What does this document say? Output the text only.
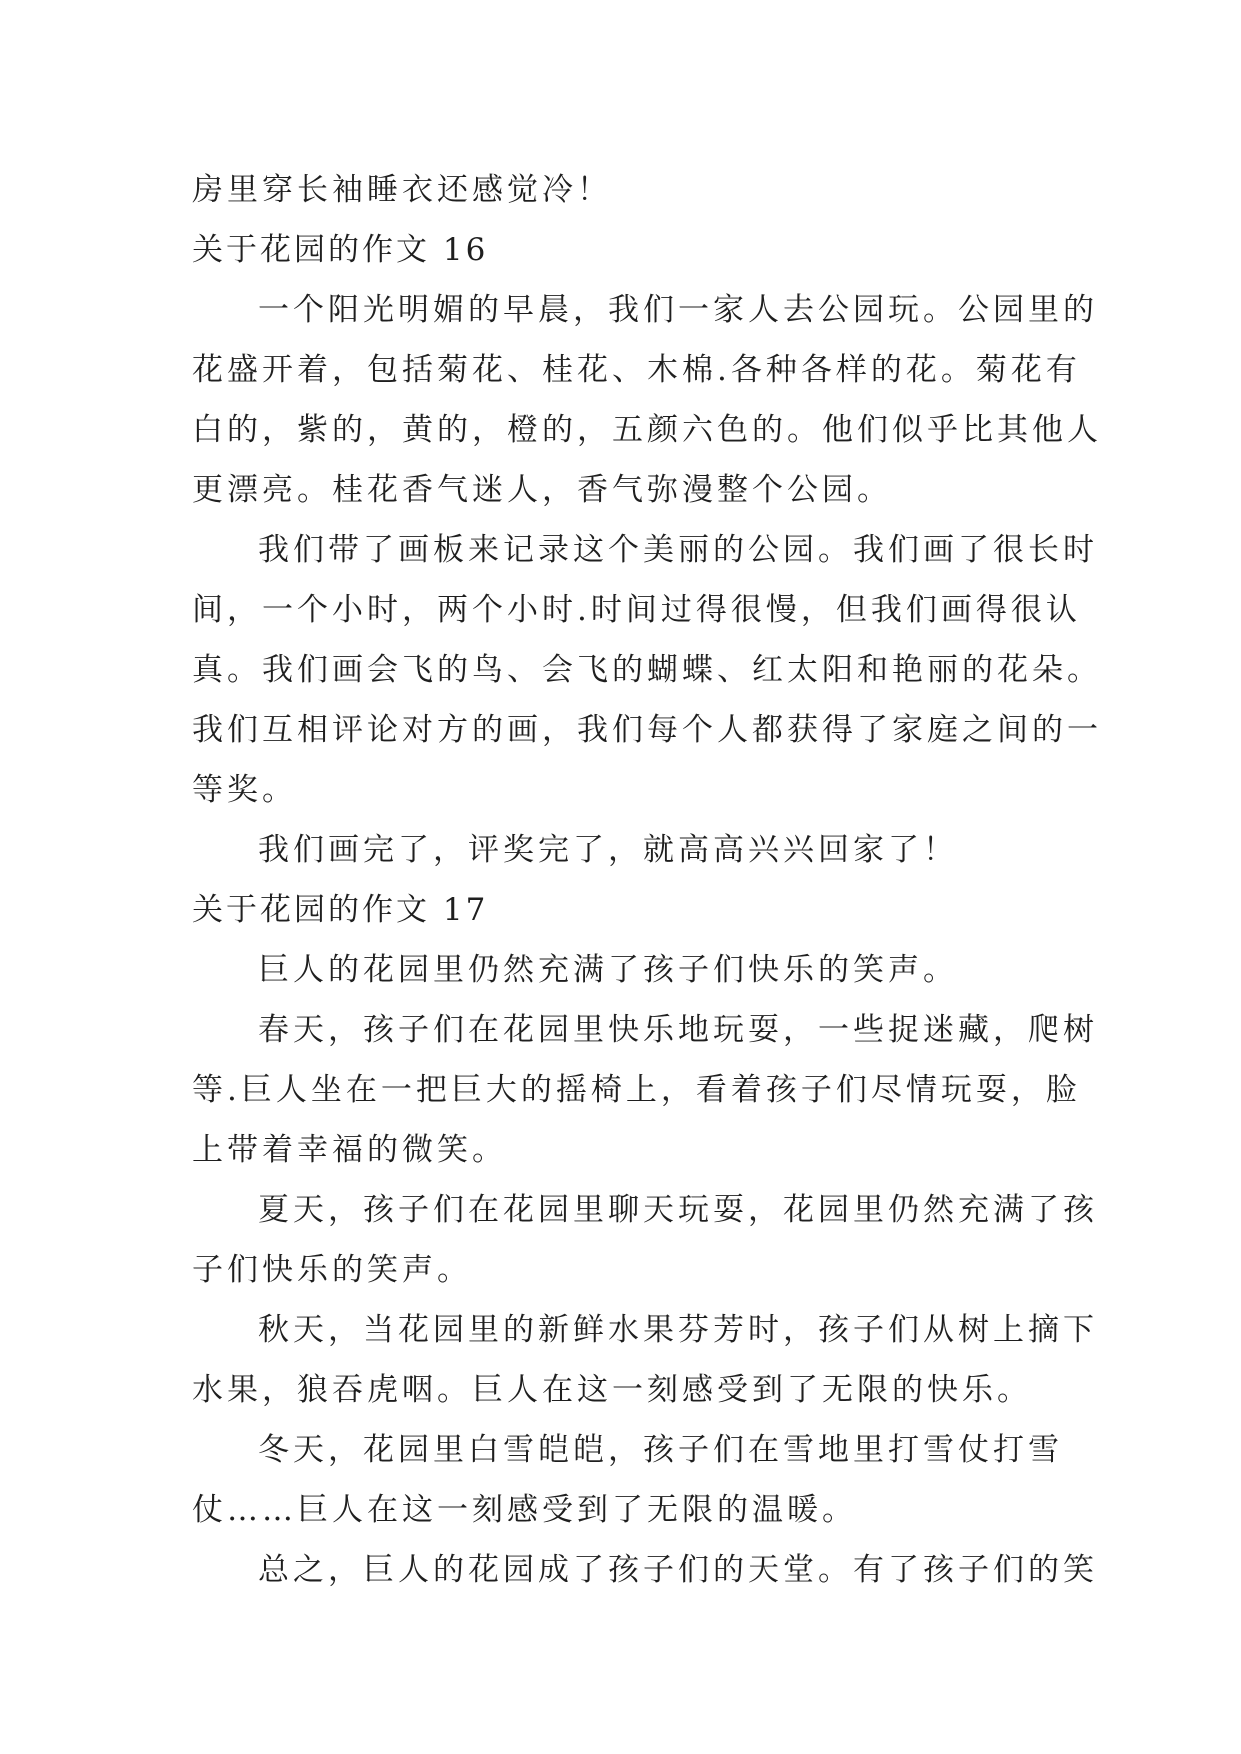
房里穿长袖睡衣还感觉冷！
关于花园的作文 16
一个阳光明媚的早晨，我们一家人去公园玩。公园里的
花盛开着，包括菊花、桂花、木棉.各种各样的花。菊花有
白的，紫的，黄的，橙的，五颜六色的。他们似乎比其他人
更漂亮。桂花香气迷人，香气弥漫整个公园。
我们带了画板来记录这个美丽的公园。我们画了很长时
间，一个小时，两个小时.时间过得很慢，但我们画得很认
真。我们画会飞的鸟、会飞的蝴蝶、红太阳和艳丽的花朵。
我们互相评论对方的画，我们每个人都获得了家庭之间的一
等奖。
我们画完了，评奖完了，就高高兴兴回家了！
关于花园的作文 17
巨人的花园里仍然充满了孩子们快乐的笑声。
春天，孩子们在花园里快乐地玩耍，一些捉迷藏，爬树
等.巨人坐在一把巨大的摇椅上，看着孩子们尽情玩耍，脸
上带着幸福的微笑。
夏天，孩子们在花园里聊天玩耍，花园里仍然充满了孩
子们快乐的笑声。
秋天，当花园里的新鲜水果芬芳时，孩子们从树上摘下
水果，狼吞虎咽。巨人在这一刻感受到了无限的快乐。
冬天，花园里白雪皑皑，孩子们在雪地里打雪仗打雪
仗……巨人在这一刻感受到了无限的温暖。
总之，巨人的花园成了孩子们的天堂。有了孩子们的笑
